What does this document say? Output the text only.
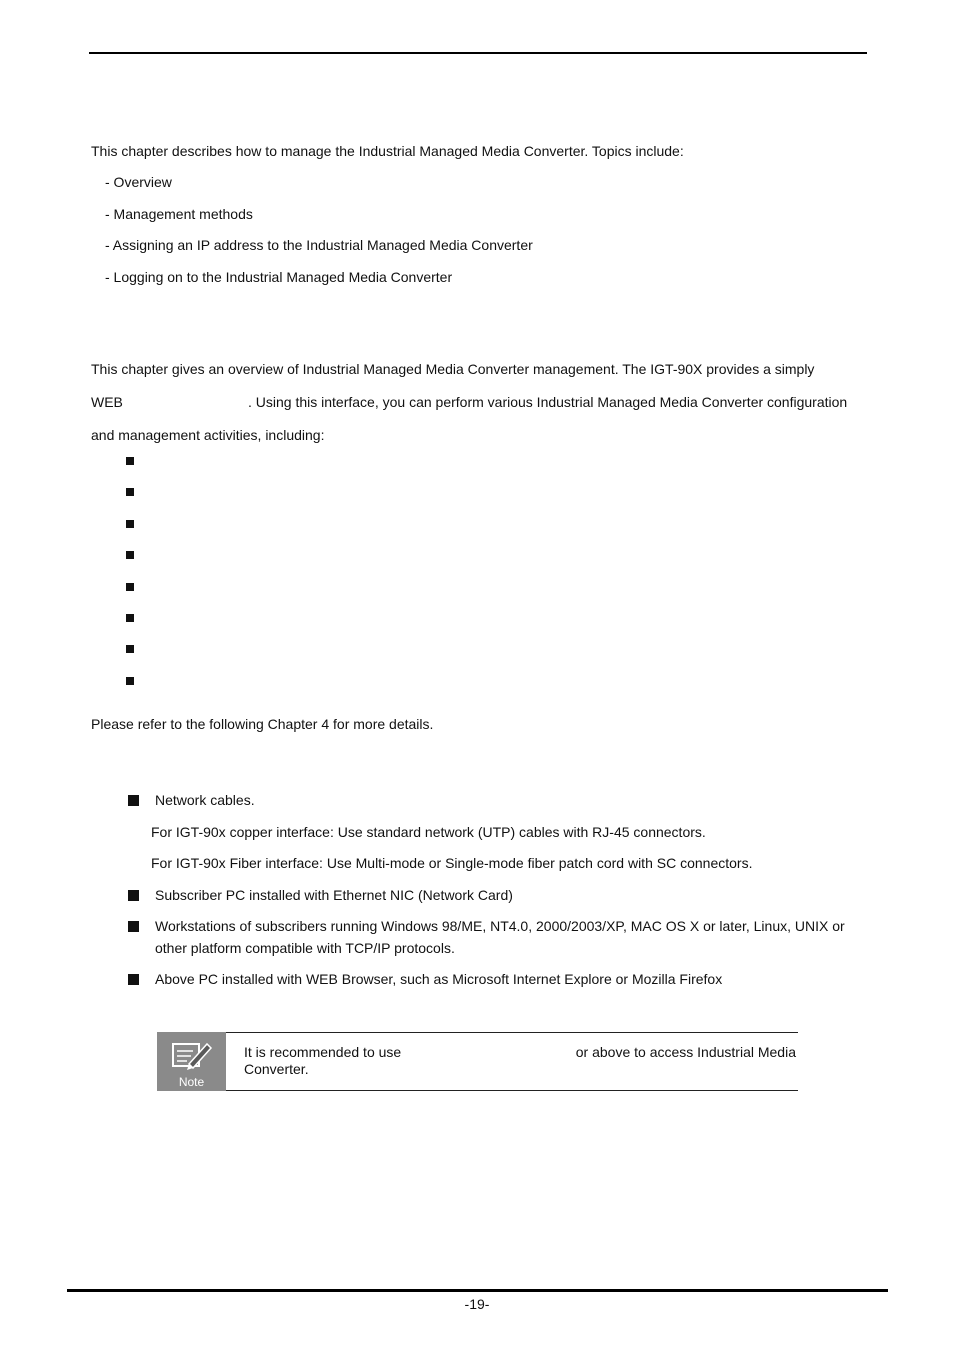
This chapter describes how to manage the Industrial Managed Media Converter. Topics include:
- Overview
- Management methods
- Assigning an IP address to the Industrial Managed Media Converter
- Logging on to the Industrial Managed Media Converter
This chapter gives an overview of Industrial Managed Media Converter management. The IGT-90X provides a simply
WEB	. Using this interface, you can perform various Industrial Managed Media Converter configuration
and management activities, including:
Please refer to the following Chapter 4 for more details.
Network cables.
For IGT-90x copper interface: Use standard network (UTP) cables with RJ-45 connectors.
For IGT-90x Fiber interface: Use Multi-mode or Single-mode fiber patch cord with SC connectors.
Subscriber PC installed with Ethernet NIC (Network Card)
Workstations of subscribers running Windows 98/ME, NT4.0, 2000/2003/XP, MAC OS X or later, Linux, UNIX or
other platform compatible with TCP/IP protocols.
Above PC installed with WEB Browser, such as Microsoft Internet Explore or Mozilla Firefox
Note
It is recommended to use	or above to access Industrial Media
Converter.
-19-
